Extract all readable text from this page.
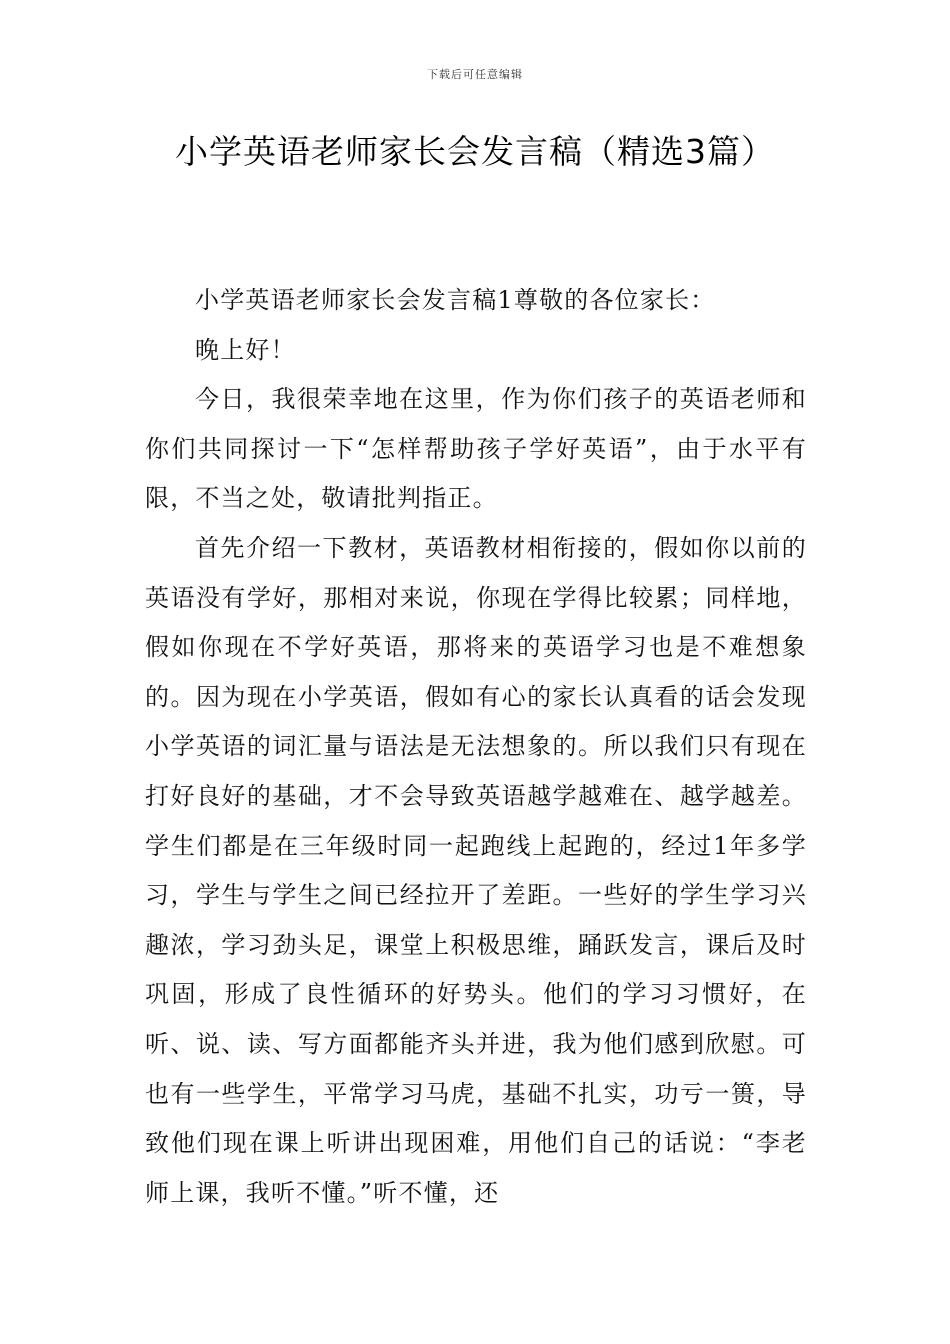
下载后可任意编辑
小学英语老师家长会发言稿（精选3篇）

小学英语老师家长会发言稿1尊敬的各位家长：

晚上好！

今日，我很荣幸地在这里，作为你们孩子的英语老师和你们共同探讨一下“怎样帮助孩子学好英语”，由于水平有限，不当之处，敬请批判指正。

首先介绍一下教材，英语教材相衔接的，假如你以前的英语没有学好，那相对来说，你现在学得比较累；同样地，假如你现在不学好英语，那将来的英语学习也是不难想象的。因为现在小学英语，假如有心的家长认真看的话会发现小学英语的词汇量与语法是无法想象的。所以我们只有现在打好良好的基础，才不会导致英语越学越难在、越学越差。学生们都是在三年级时同一起跑线上起跑的，经过1年多学习，学生与学生之间已经拉开了差距。一些好的学生学习兴趣浓，学习劲头足，课堂上积极思维，踊跃发言，课后及时巩固，形成了良性循环的好势头。他们的学习习惯好，在听、说、读、写方面都能齐头并进，我为他们感到欣慰。可也有一些学生，平常学习马虎，基础不扎实，功亏一篑，导致他们现在课上听讲出现困难，用他们自己的话说：“李老师上课，我听不懂。”听不懂，还
